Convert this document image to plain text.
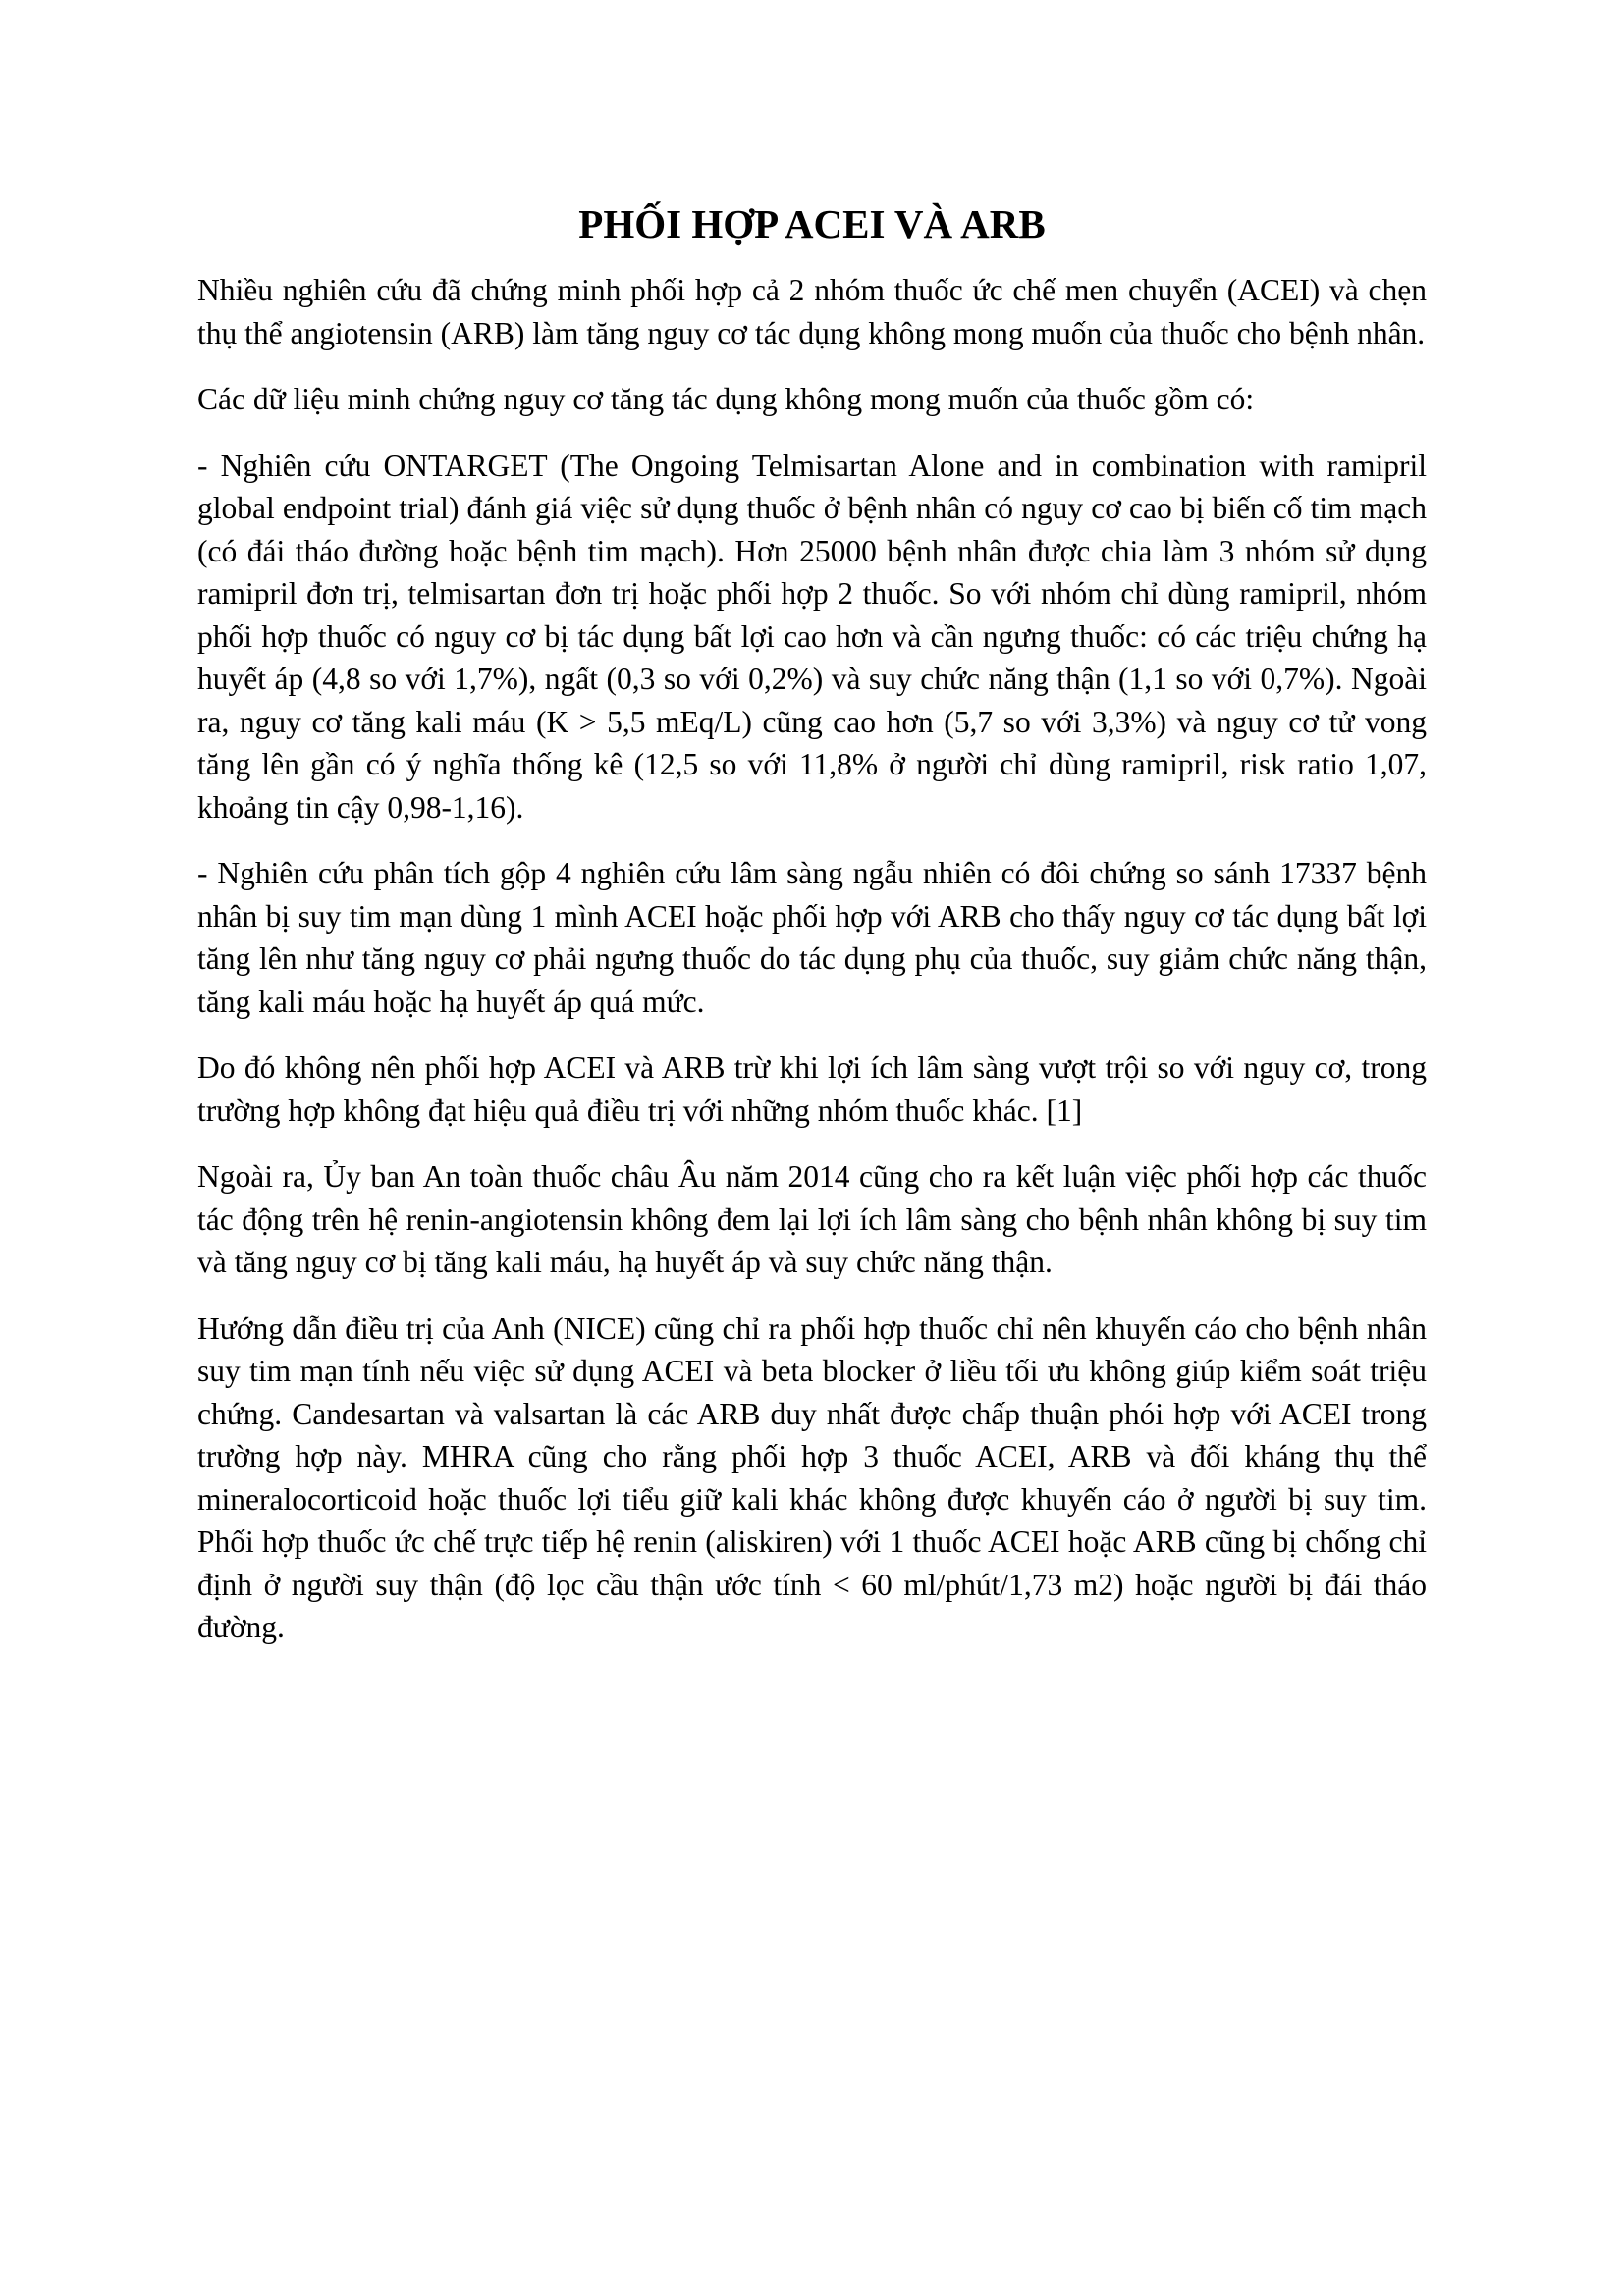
PHỐI HỢP ACEI VÀ ARB

Nhiều nghiên cứu đã chứng minh phối hợp cả 2 nhóm thuốc ức chế men chuyển (ACEI) và chẹn thụ thể angiotensin (ARB) làm tăng nguy cơ tác dụng không mong muốn của thuốc cho bệnh nhân.

Các dữ liệu minh chứng nguy cơ tăng tác dụng không mong muốn của thuốc gồm có:

- Nghiên cứu ONTARGET (The Ongoing Telmisartan Alone and in combination with ramipril global endpoint trial) đánh giá việc sử dụng thuốc ở bệnh nhân có nguy cơ cao bị biến cố tim mạch (có đái tháo đường hoặc bệnh tim mạch). Hơn 25000 bệnh nhân được chia làm 3 nhóm sử dụng ramipril đơn trị, telmisartan đơn trị hoặc phối hợp 2 thuốc. So với nhóm chỉ dùng ramipril, nhóm phối hợp thuốc có nguy cơ bị tác dụng bất lợi cao hơn và cần ngưng thuốc: có các triệu chứng hạ huyết áp (4,8 so với 1,7%), ngất (0,3 so với 0,2%) và suy chức năng thận (1,1 so với 0,7%). Ngoài ra, nguy cơ tăng kali máu (K > 5,5 mEq/L) cũng cao hơn (5,7 so với 3,3%) và nguy cơ tử vong tăng lên gần có ý nghĩa thống kê (12,5 so với 11,8% ở người chỉ dùng ramipril, risk ratio 1,07, khoảng tin cậy 0,98-1,16).

- Nghiên cứu phân tích gộp 4 nghiên cứu lâm sàng ngẫu nhiên có đôi chứng so sánh 17337 bệnh nhân bị suy tim mạn dùng 1 mình ACEI hoặc phối hợp với ARB cho thấy nguy cơ tác dụng bất lợi tăng lên như tăng nguy cơ phải ngưng thuốc do tác dụng phụ của thuốc, suy giảm chức năng thận, tăng kali máu hoặc hạ huyết áp quá mức.

Do đó không nên phối hợp ACEI và ARB trừ khi lợi ích lâm sàng vượt trội so với nguy cơ, trong trường hợp không đạt hiệu quả điều trị với những nhóm thuốc khác. [1]

Ngoài ra, Ủy ban An toàn thuốc châu Âu năm 2014 cũng cho ra kết luận việc phối hợp các thuốc tác động trên hệ renin-angiotensin không đem lại lợi ích lâm sàng cho bệnh nhân không bị suy tim và tăng nguy cơ bị tăng kali máu, hạ huyết áp và suy chức năng thận.

Hướng dẫn điều trị của Anh (NICE) cũng chỉ ra phối hợp thuốc chỉ nên khuyến cáo cho bệnh nhân suy tim mạn tính nếu việc sử dụng ACEI và beta blocker ở liều tối ưu không giúp kiểm soát triệu chứng. Candesartan và valsartan là các ARB duy nhất được chấp thuận phói hợp với ACEI trong trường hợp này. MHRA cũng cho rằng phối hợp 3 thuốc ACEI, ARB và đối kháng thụ thể mineralocorticoid hoặc thuốc lợi tiểu giữ kali khác không được khuyến cáo ở người bị suy tim. Phối hợp thuốc ức chế trực tiếp hệ renin (aliskiren) với 1 thuốc ACEI hoặc ARB cũng bị chống chỉ định ở người suy thận (độ lọc cầu thận ước tính < 60 ml/phút/1,73 m2) hoặc người bị đái tháo đường.
